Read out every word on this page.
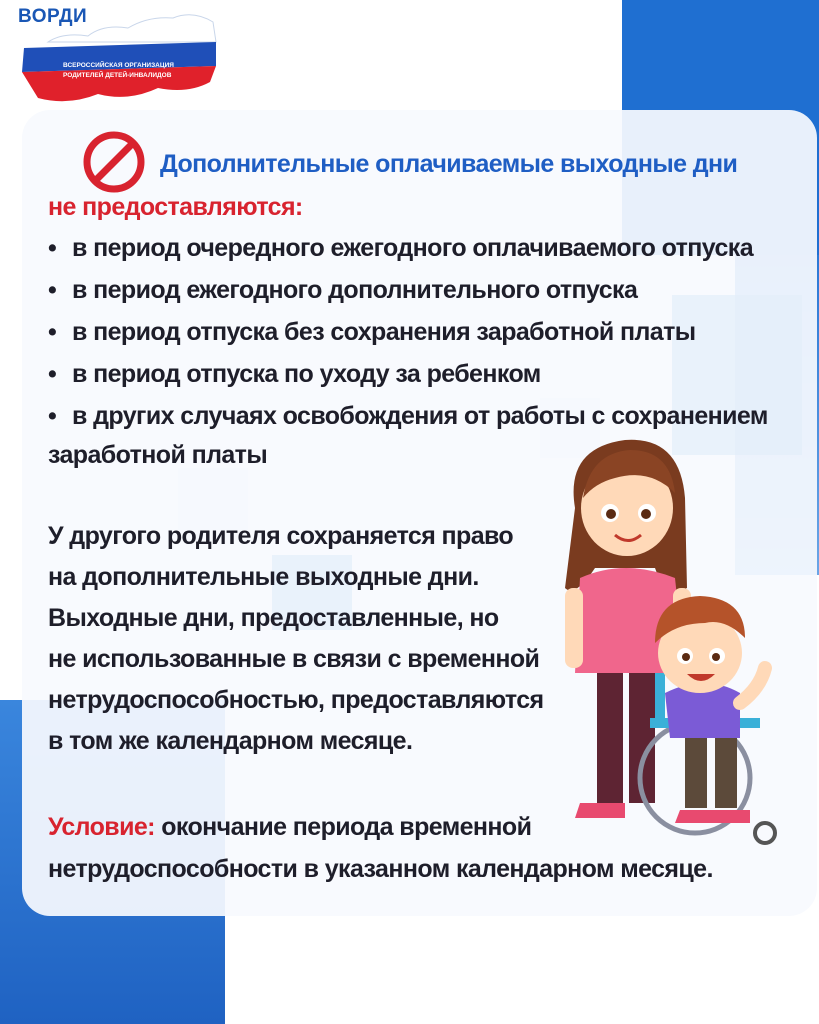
ВОРДИ
ВСЕРОССИЙСКАЯ ОРГАНИЗАЦИЯ
РОДИТЕЛЕЙ ДЕТЕЙ-ИНВАЛИДОВ
Дополнительные оплачиваемые выходные дни
не предоставляются:
• в период очередного ежегодного оплачиваемого отпуска
• в период ежегодного дополнительного отпуска
• в период отпуска без сохранения заработной платы
• в период отпуска по уходу за ребенком
• в других случаях освобождения от работы с сохранением
заработной платы
У другого родителя сохраняется право
на дополнительные выходные дни.
Выходные дни, предоставленные, но
не использованные в связи с временной
нетрудоспособностью, предоставляются
в том же календарном месяце.
Условие: окончание периода временной
нетрудоспособности в указанном календарном месяце.
